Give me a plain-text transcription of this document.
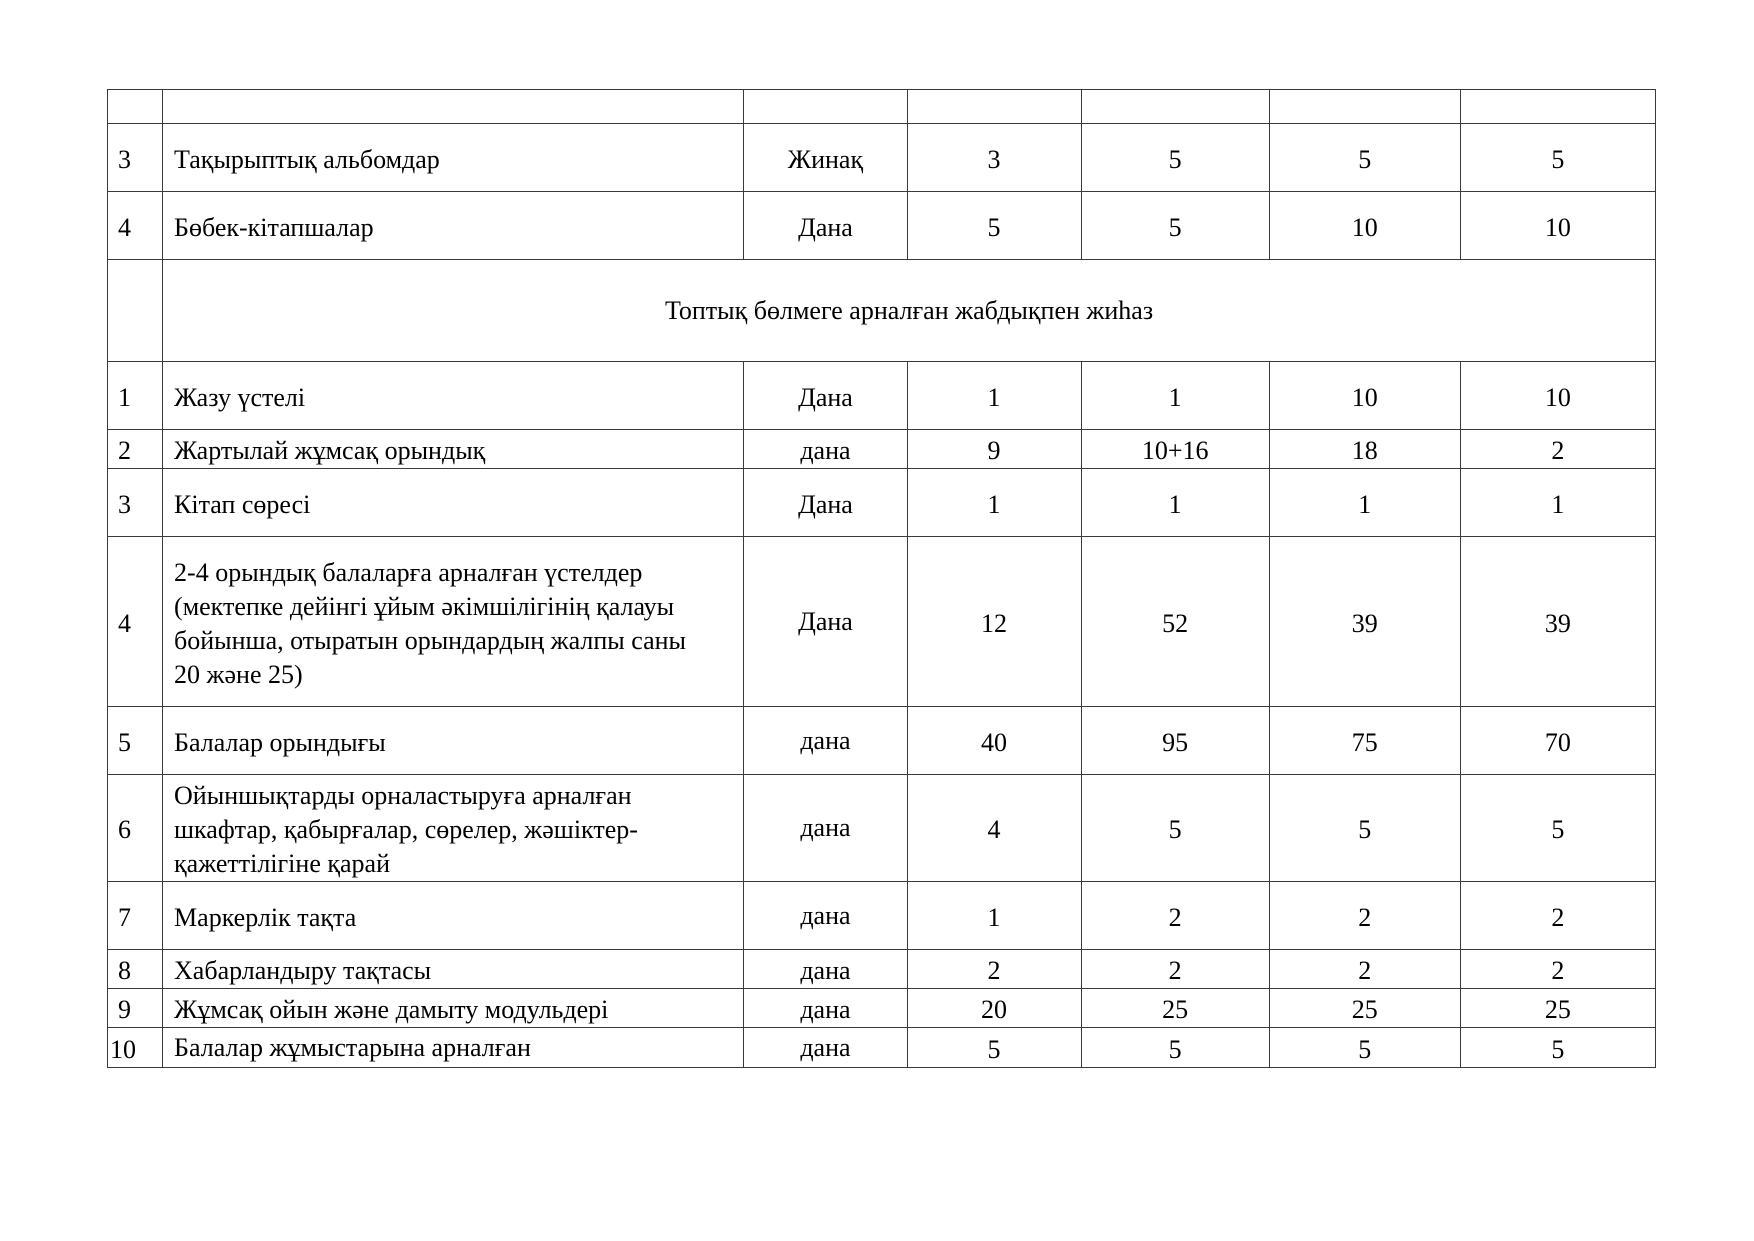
3	Тақырыптық альбомдар	Жинақ	3	5	5	5

4	Бөбек-кітапшалар	Дана	5	5	10	10

	Топтық бөлмеге арналған жабдықпен жиһаз					

1	Жазу үстелі	Дана	1	1	10	10

2	Жартылай жұмсақ орындық	дана	9	10+16	18	2

3	Кітап сөресі	Дана	1	1	1	1

4	2-4 орындық балаларға арналған үстелдер (мектепке дейінгі ұйым әкімшілігінің қалауы бойынша, отыратын орындардың жалпы саны 20 және 25)	Дана	12	52	39	39

5	Балалар орындығы	дана	40	95	75	70

6	Ойыншықтарды орналастыруға арналған шкафтар, қабырғалар, сөрелер, жәшіктер-қажеттілігіне қарай	дана	4	5	5	5

7	Маркерлік тақта	дана	1	2	2	2

8	Хабарландыру тақтасы	дана	2	2	2	2

9	Жұмсақ ойын және дамыту модульдері	дана	20	25	25	25

10	Балалар жұмыстарына арналған	дана	5	5	5	5
